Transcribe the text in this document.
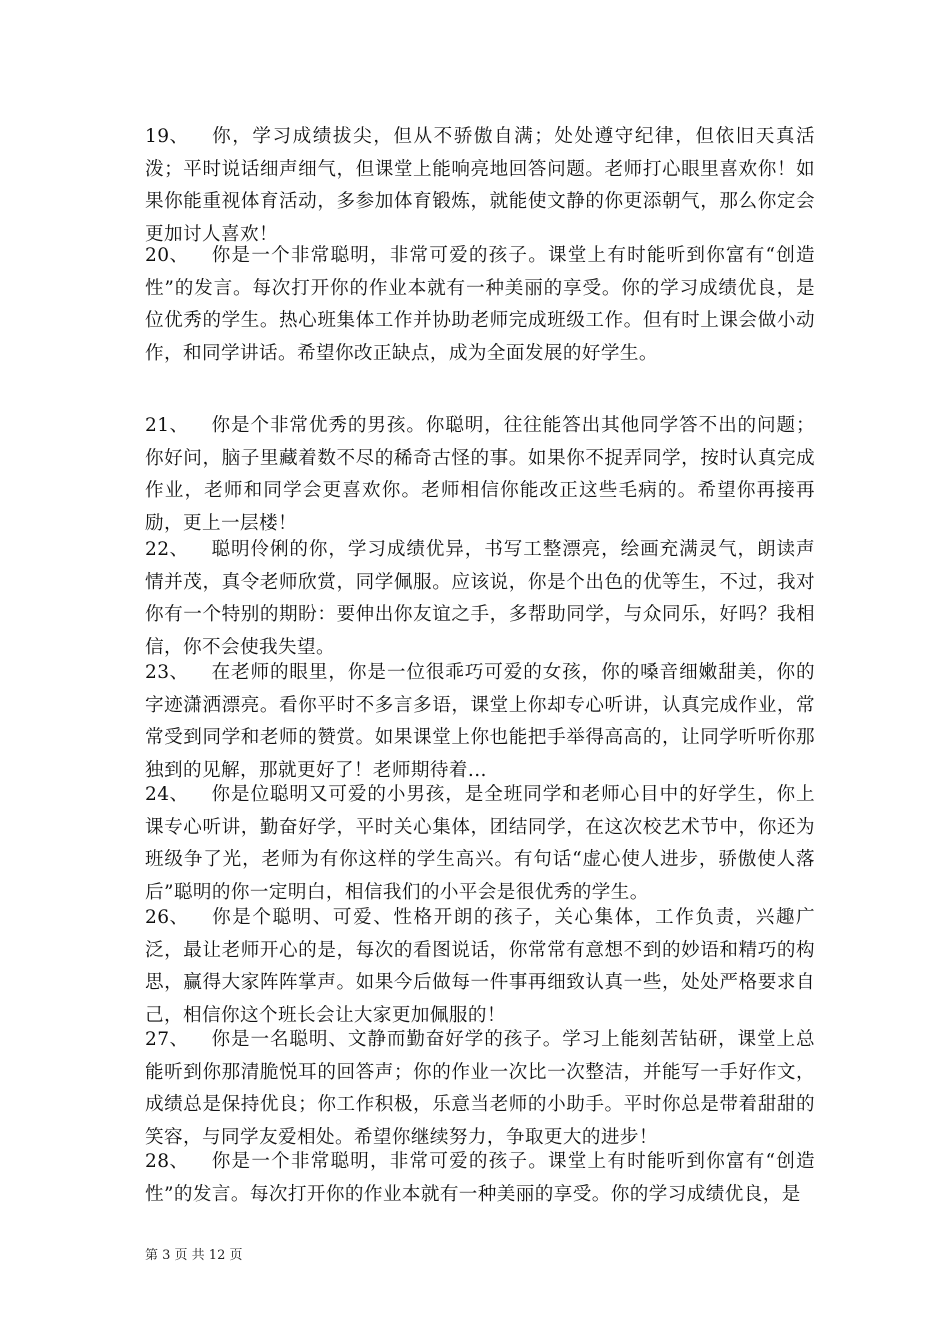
19、 你，学习成绩拔尖，但从不骄傲自满；处处遵守纪律，但依旧天真活泼；平时说话细声细气，但课堂上能响亮地回答问题。老师打心眼里喜欢你！如果你能重视体育活动，多参加体育锻炼，就能使文静的你更添朝气，那么你定会更加讨人喜欢！

20、 你是一个非常聪明，非常可爱的孩子。课堂上有时能听到你富有“创造性”的发言。每次打开你的作业本就有一种美丽的享受。你的学习成绩优良，是位优秀的学生。热心班集体工作并协助老师完成班级工作。但有时上课会做小动作，和同学讲话。希望你改正缺点，成为全面发展的好学生。

21、 你是个非常优秀的男孩。你聪明，往往能答出其他同学答不出的问题；你好问，脑子里藏着数不尽的稀奇古怪的事。如果你不捉弄同学，按时认真完成作业，老师和同学会更喜欢你。老师相信你能改正这些毛病的。希望你再接再励，更上一层楼！

22、 聪明伶俐的你，学习成绩优异，书写工整漂亮，绘画充满灵气，朗读声情并茂，真令老师欣赏，同学佩服。应该说，你是个出色的优等生，不过，我对你有一个特别的期盼：要伸出你友谊之手，多帮助同学，与众同乐，好吗？我相信，你不会使我失望。

23、 在老师的眼里，你是一位很乖巧可爱的女孩，你的嗓音细嫩甜美，你的字迹潇洒漂亮。看你平时不多言多语，课堂上你却专心听讲，认真完成作业，常常受到同学和老师的赞赏。如果课堂上你也能把手举得高高的，让同学听听你那独到的见解，那就更好了！老师期待着...

24、 你是位聪明又可爱的小男孩，是全班同学和老师心目中的好学生，你上课专心听讲，勤奋好学，平时关心集体，团结同学，在这次校艺术节中，你还为班级争了光，老师为有你这样的学生高兴。有句话“虚心使人进步，骄傲使人落后”聪明的你一定明白，相信我们的小平会是很优秀的学生。

26、 你是个聪明、可爱、性格开朗的孩子，关心集体，工作负责，兴趣广泛，最让老师开心的是，每次的看图说话，你常常有意想不到的妙语和精巧的构思，赢得大家阵阵掌声。如果今后做每一件事再细致认真一些，处处严格要求自己，相信你这个班长会让大家更加佩服的！

27、 你是一名聪明、文静而勤奋好学的孩子。学习上能刻苦钻研，课堂上总能听到你那清脆悦耳的回答声；你的作业一次比一次整洁，并能写一手好作文，成绩总是保持优良；你工作积极，乐意当老师的小助手。平时你总是带着甜甜的笑容，与同学友爱相处。希望你继续努力，争取更大的进步！

28、 你是一个非常聪明，非常可爱的孩子。课堂上有时能听到你富有“创造性”的发言。每次打开你的作业本就有一种美丽的享受。你的学习成绩优良，是

第 3 页 共 12 页
